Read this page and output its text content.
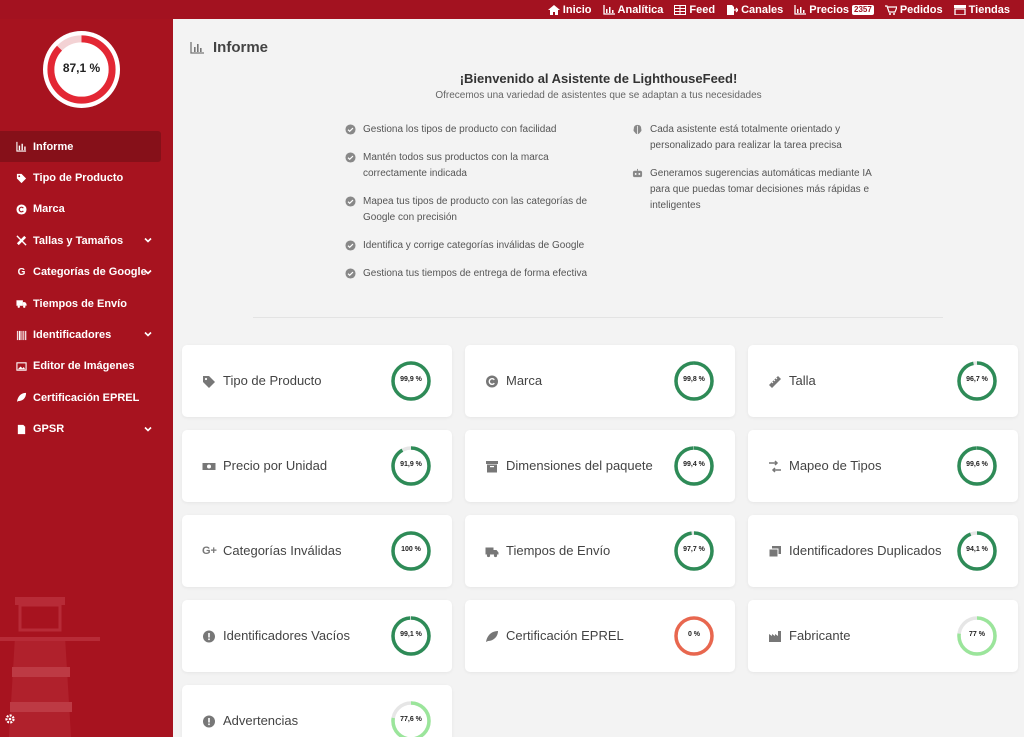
87,1 %
Informe
Tipo de Producto
Marca
Tallas y Tamaños
G Categorías de Google
Tiempos de Envío
Identificadores
Editor de Imágenes
Certificación EPREL
GPSR
Inicio Analítica Feed Canales Precios 2357	Pedidos Tiendas
Informe
¡Bienvenido al Asistente de LighthouseFeed!
Ofrecemos una variedad de asistentes que se adaptan a tus necesidades
Gestiona los tipos de producto con facilidad
Mantén todos sus productos con la marca correctamente indicada
Mapea tus tipos de producto con las categorías de Google con precisión
Identifica y corrige categorías inválidas de Google
Gestiona tus tiempos de entrega de forma efectiva
Cada asistente está totalmente orientado y personalizado para realizar la tarea precisa
Generamos sugerencias automáticas mediante IA para que puedas tomar decisiones más rápidas e inteligentes
Tipo de Producto	99,9 %	Marca	99,8 %	Talla	96,7 %
Precio por Unidad	91,9 %	Dimensiones del paquete	99,4 %	Mapeo de Tipos	99,6 %
G+ Categorías Inválidas	100 %	Tiempos de Envío	97,7 %	Identificadores Duplicados	94,1 %
Identificadores Vacíos	99,1 %	Certificación EPREL	0 %	Fabricante	77 %
Advertencias	77,6 %
